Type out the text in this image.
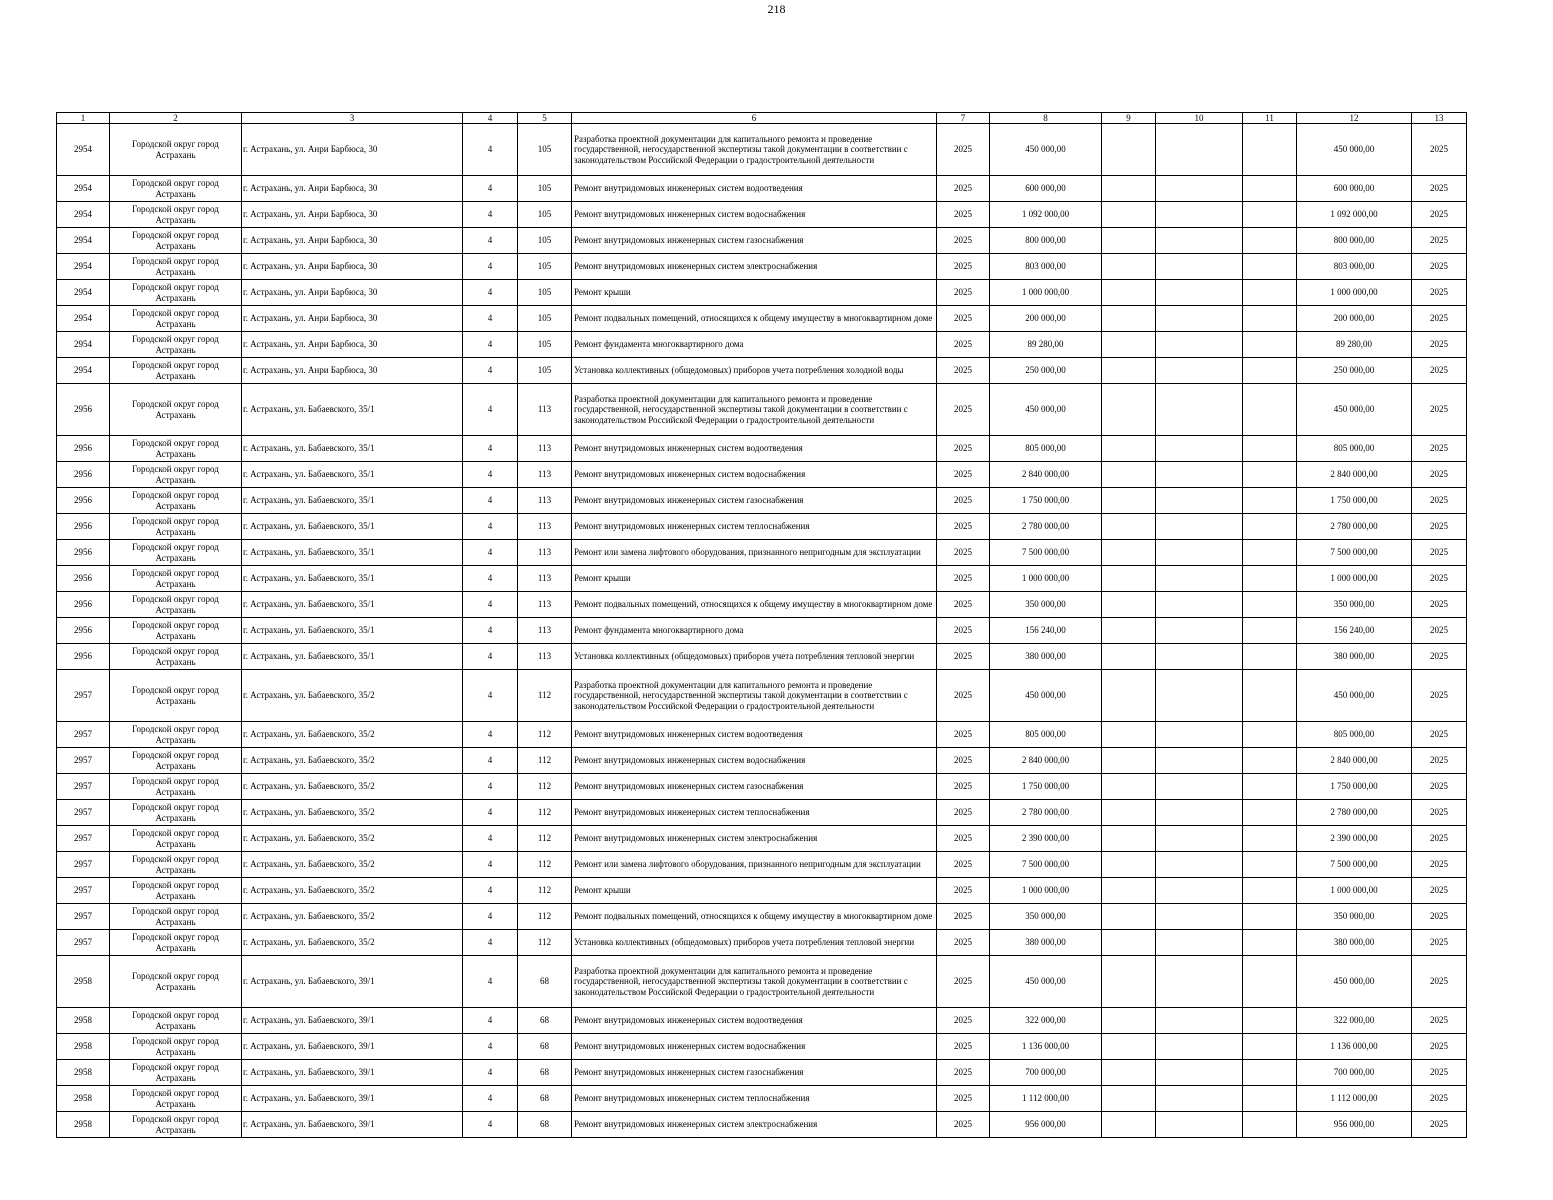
218
1	2	3	4	5	6	7	8	9	10	11	12	13
2954	Городской округ город Астрахань	г. Астрахань, ул. Анри Барбюса, 30	4	105	Разработка проектной документации для капитального ремонта и проведение государственной, негосударственной экспертизы такой документации в соответствии с законодательством Российской Федерации о градостроительной деятельности	2025	450 000,00				450 000,00	2025
2954	Городской округ город Астрахань	г. Астрахань, ул. Анри Барбюса, 30	4	105	Ремонт внутридомовых инженерных систем водоотведения	2025	600 000,00				600 000,00	2025
2954	Городской округ город Астрахань	г. Астрахань, ул. Анри Барбюса, 30	4	105	Ремонт внутридомовых инженерных систем водоснабжения	2025	1 092 000,00				1 092 000,00	2025
2954	Городской округ город Астрахань	г. Астрахань, ул. Анри Барбюса, 30	4	105	Ремонт внутридомовых инженерных систем газоснабжения	2025	800 000,00				800 000,00	2025
2954	Городской округ город Астрахань	г. Астрахань, ул. Анри Барбюса, 30	4	105	Ремонт внутридомовых инженерных систем электроснабжения	2025	803 000,00				803 000,00	2025
2954	Городской округ город Астрахань	г. Астрахань, ул. Анри Барбюса, 30	4	105	Ремонт крыши	2025	1 000 000,00				1 000 000,00	2025
2954	Городской округ город Астрахань	г. Астрахань, ул. Анри Барбюса, 30	4	105	Ремонт подвальных помещений, относящихся к общему имуществу в многоквартирном доме	2025	200 000,00				200 000,00	2025
2954	Городской округ город Астрахань	г. Астрахань, ул. Анри Барбюса, 30	4	105	Ремонт фундамента многоквартирного дома	2025	89 280,00				89 280,00	2025
2954	Городской округ город Астрахань	г. Астрахань, ул. Анри Барбюса, 30	4	105	Установка коллективных (общедомовых) приборов учета потребления холодной воды	2025	250 000,00				250 000,00	2025
2956	Городской округ город Астрахань	г. Астрахань, ул. Бабаевского, 35/1	4	113	Разработка проектной документации для капитального ремонта и проведение государственной, негосударственной экспертизы такой документации в соответствии с законодательством Российской Федерации о градостроительной деятельности	2025	450 000,00				450 000,00	2025
2956	Городской округ город Астрахань	г. Астрахань, ул. Бабаевского, 35/1	4	113	Ремонт внутридомовых инженерных систем водоотведения	2025	805 000,00				805 000,00	2025
2956	Городской округ город Астрахань	г. Астрахань, ул. Бабаевского, 35/1	4	113	Ремонт внутридомовых инженерных систем водоснабжения	2025	2 840 000,00				2 840 000,00	2025
2956	Городской округ город Астрахань	г. Астрахань, ул. Бабаевского, 35/1	4	113	Ремонт внутридомовых инженерных систем газоснабжения	2025	1 750 000,00				1 750 000,00	2025
2956	Городской округ город Астрахань	г. Астрахань, ул. Бабаевского, 35/1	4	113	Ремонт внутридомовых инженерных систем теплоснабжения	2025	2 780 000,00				2 780 000,00	2025
2956	Городской округ город Астрахань	г. Астрахань, ул. Бабаевского, 35/1	4	113	Ремонт или замена лифтового оборудования, признанного непригодным для эксплуатации	2025	7 500 000,00				7 500 000,00	2025
2956	Городской округ город Астрахань	г. Астрахань, ул. Бабаевского, 35/1	4	113	Ремонт крыши	2025	1 000 000,00				1 000 000,00	2025
2956	Городской округ город Астрахань	г. Астрахань, ул. Бабаевского, 35/1	4	113	Ремонт подвальных помещений, относящихся к общему имуществу в многоквартирном доме	2025	350 000,00				350 000,00	2025
2956	Городской округ город Астрахань	г. Астрахань, ул. Бабаевского, 35/1	4	113	Ремонт фундамента многоквартирного дома	2025	156 240,00				156 240,00	2025
2956	Городской округ город Астрахань	г. Астрахань, ул. Бабаевского, 35/1	4	113	Установка коллективных (общедомовых) приборов учета потребления тепловой энергии	2025	380 000,00				380 000,00	2025
2957	Городской округ город Астрахань	г. Астрахань, ул. Бабаевского, 35/2	4	112	Разработка проектной документации для капитального ремонта и проведение государственной, негосударственной экспертизы такой документации в соответствии с законодательством Российской Федерации о градостроительной деятельности	2025	450 000,00				450 000,00	2025
2957	Городской округ город Астрахань	г. Астрахань, ул. Бабаевского, 35/2	4	112	Ремонт внутридомовых инженерных систем водоотведения	2025	805 000,00				805 000,00	2025
2957	Городской округ город Астрахань	г. Астрахань, ул. Бабаевского, 35/2	4	112	Ремонт внутридомовых инженерных систем водоснабжения	2025	2 840 000,00				2 840 000,00	2025
2957	Городской округ город Астрахань	г. Астрахань, ул. Бабаевского, 35/2	4	112	Ремонт внутридомовых инженерных систем газоснабжения	2025	1 750 000,00				1 750 000,00	2025
2957	Городской округ город Астрахань	г. Астрахань, ул. Бабаевского, 35/2	4	112	Ремонт внутридомовых инженерных систем теплоснабжения	2025	2 780 000,00				2 780 000,00	2025
2957	Городской округ город Астрахань	г. Астрахань, ул. Бабаевского, 35/2	4	112	Ремонт внутридомовых инженерных систем электроснабжения	2025	2 390 000,00				2 390 000,00	2025
2957	Городской округ город Астрахань	г. Астрахань, ул. Бабаевского, 35/2	4	112	Ремонт или замена лифтового оборудования, признанного непригодным для эксплуатации	2025	7 500 000,00				7 500 000,00	2025
2957	Городской округ город Астрахань	г. Астрахань, ул. Бабаевского, 35/2	4	112	Ремонт крыши	2025	1 000 000,00				1 000 000,00	2025
2957	Городской округ город Астрахань	г. Астрахань, ул. Бабаевского, 35/2	4	112	Ремонт подвальных помещений, относящихся к общему имуществу в многоквартирном доме	2025	350 000,00				350 000,00	2025
2957	Городской округ город Астрахань	г. Астрахань, ул. Бабаевского, 35/2	4	112	Установка коллективных (общедомовых) приборов учета потребления тепловой энергии	2025	380 000,00				380 000,00	2025
2958	Городской округ город Астрахань	г. Астрахань, ул. Бабаевского, 39/1	4	68	Разработка проектной документации для капитального ремонта и проведение государственной, негосударственной экспертизы такой документации в соответствии с законодательством Российской Федерации о градостроительной деятельности	2025	450 000,00				450 000,00	2025
2958	Городской округ город Астрахань	г. Астрахань, ул. Бабаевского, 39/1	4	68	Ремонт внутридомовых инженерных систем водоотведения	2025	322 000,00				322 000,00	2025
2958	Городской округ город Астрахань	г. Астрахань, ул. Бабаевского, 39/1	4	68	Ремонт внутридомовых инженерных систем водоснабжения	2025	1 136 000,00				1 136 000,00	2025
2958	Городской округ город Астрахань	г. Астрахань, ул. Бабаевского, 39/1	4	68	Ремонт внутридомовых инженерных систем газоснабжения	2025	700 000,00				700 000,00	2025
2958	Городской округ город Астрахань	г. Астрахань, ул. Бабаевского, 39/1	4	68	Ремонт внутридомовых инженерных систем теплоснабжения	2025	1 112 000,00				1 112 000,00	2025
2958	Городской округ город Астрахань	г. Астрахань, ул. Бабаевского, 39/1	4	68	Ремонт внутридомовых инженерных систем электроснабжения	2025	956 000,00				956 000,00	2025
